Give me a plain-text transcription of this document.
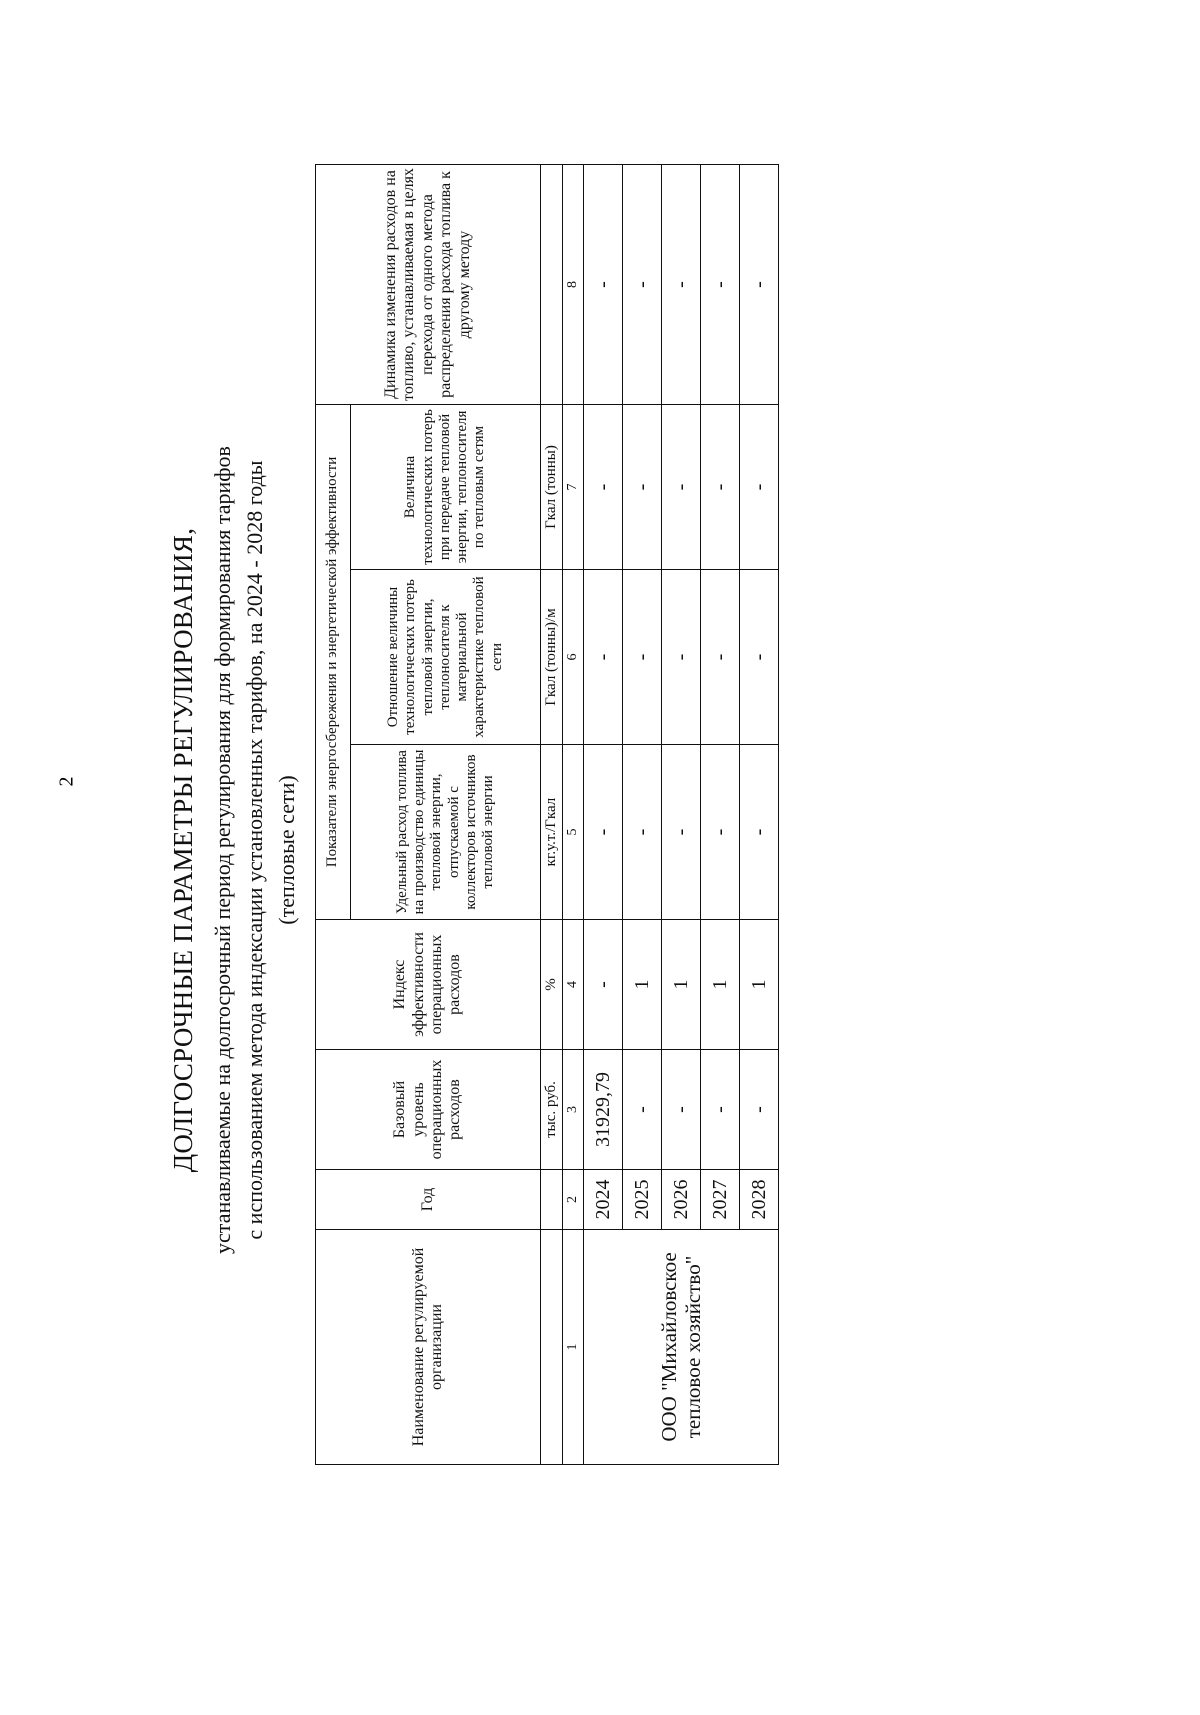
2	ДОЛГОСРОЧНЫЕ ПАРАМЕТРЫ РЕГУЛИРОВАНИЯ, устанавливаемые на долгосрочный период регулирования для формирования тарифов с использованием метода индексации установленных тарифов, на 2024 - 2028 годы (тепловые сети)
Наименование регулируемой организации	Год	Базовый уровень операционных расходов	Индекс эффективности операционных расходов	Показатели энергосбережения и энергетической эффективности			Динамика изменения расходов на топливо, устанавливаемая в целях перехода от одного метода распределения расхода топлива к другому методу
				Удельный расход топлива на производство единицы тепловой энергии, отпускаемой с коллекторов источников тепловой энергии	Отношение величины технологических потерь тепловой энергии, теплоносителя к материальной характеристике тепловой сети	Величина технологических потерь при передаче тепловой энергии, теплоносителя по тепловым сетям	
		тыс. руб.	%	кг.у.т./Гкал	Гкал (тонны)/м	Гкал (тонны)	
1	2	3	4	5	6	7	8
ООО "Михайловское тепловое хозяйство"	2024	31929,79	-	-	-	-	-
	2025	-	1	-	-	-	-
	2026	-	1	-	-	-	-
	2027	-	1	-	-	-	-
	2028	-	1	-	-	-	-
